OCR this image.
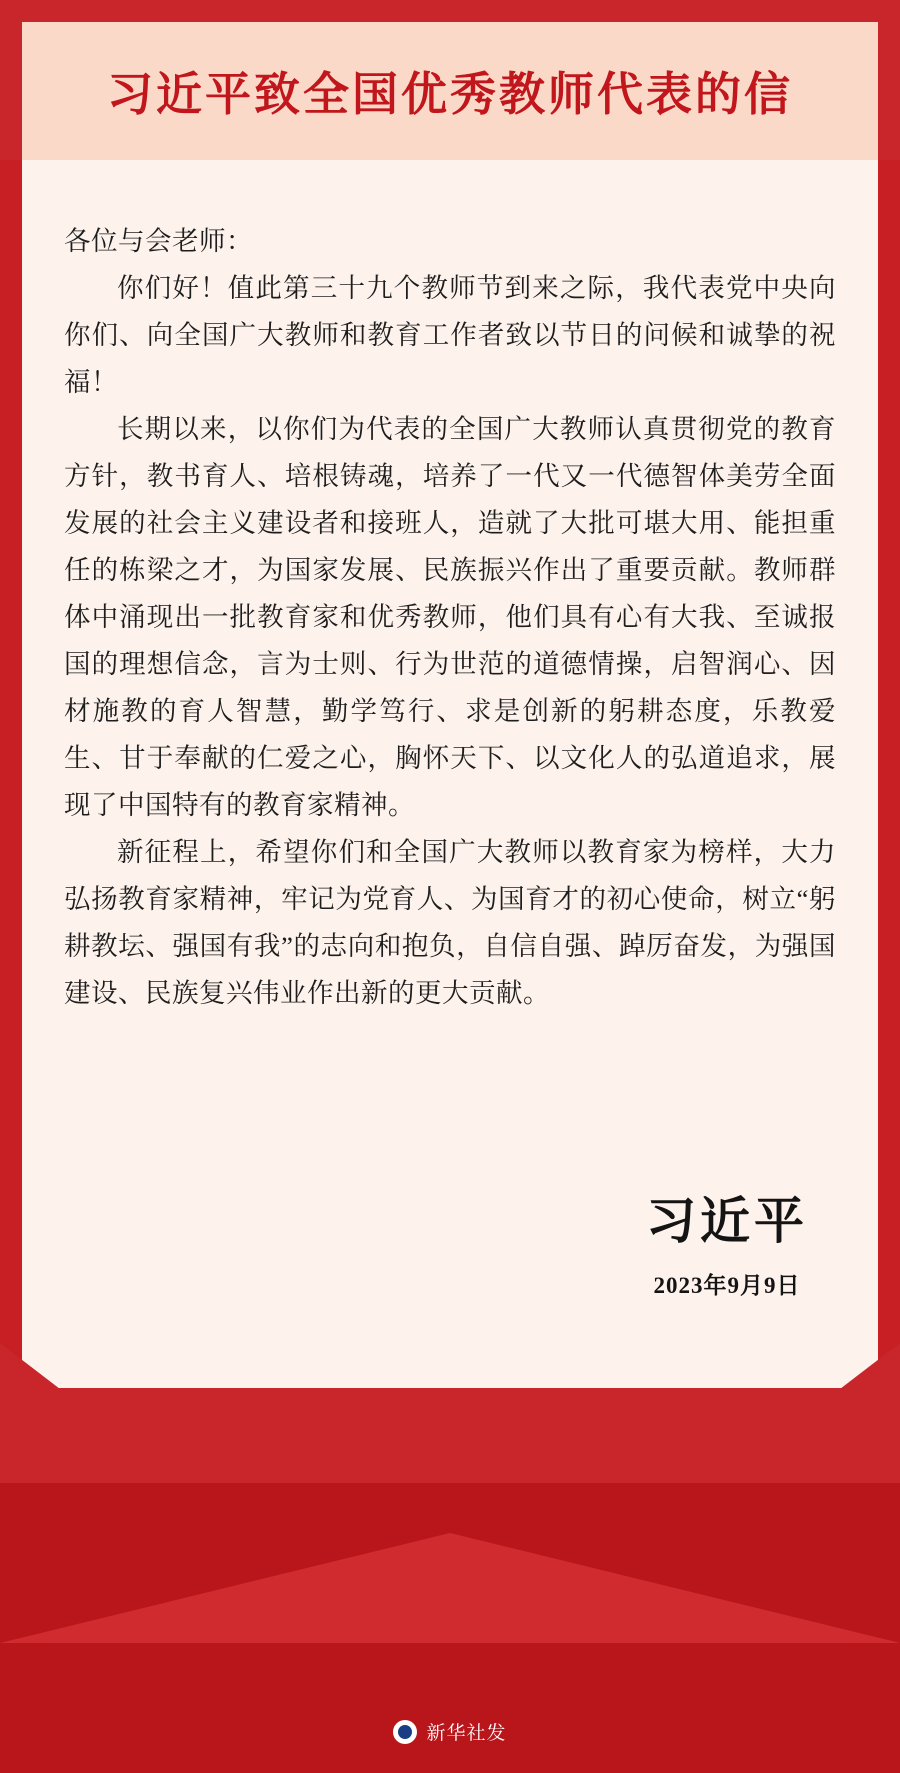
习近平致全国优秀教师代表的信

各位与会老师：

你们好！值此第三十九个教师节到来之际，我代表党中央向你们、向全国广大教师和教育工作者致以节日的问候和诚挚的祝福！

长期以来，以你们为代表的全国广大教师认真贯彻党的教育方针，教书育人、培根铸魂，培养了一代又一代德智体美劳全面发展的社会主义建设者和接班人，造就了大批可堪大用、能担重任的栋梁之才，为国家发展、民族振兴作出了重要贡献。教师群体中涌现出一批教育家和优秀教师，他们具有心有大我、至诚报国的理想信念，言为士则、行为世范的道德情操，启智润心、因材施教的育人智慧，勤学笃行、求是创新的躬耕态度，乐教爱生、甘于奉献的仁爱之心，胸怀天下、以文化人的弘道追求，展现了中国特有的教育家精神。

新征程上，希望你们和全国广大教师以教育家为榜样，大力弘扬教育家精神，牢记为党育人、为国育才的初心使命，树立“躬耕教坛、强国有我”的志向和抱负，自信自强、踔厉奋发，为强国建设、民族复兴伟业作出新的更大贡献。

习近平
2023年9月9日
新华社发
